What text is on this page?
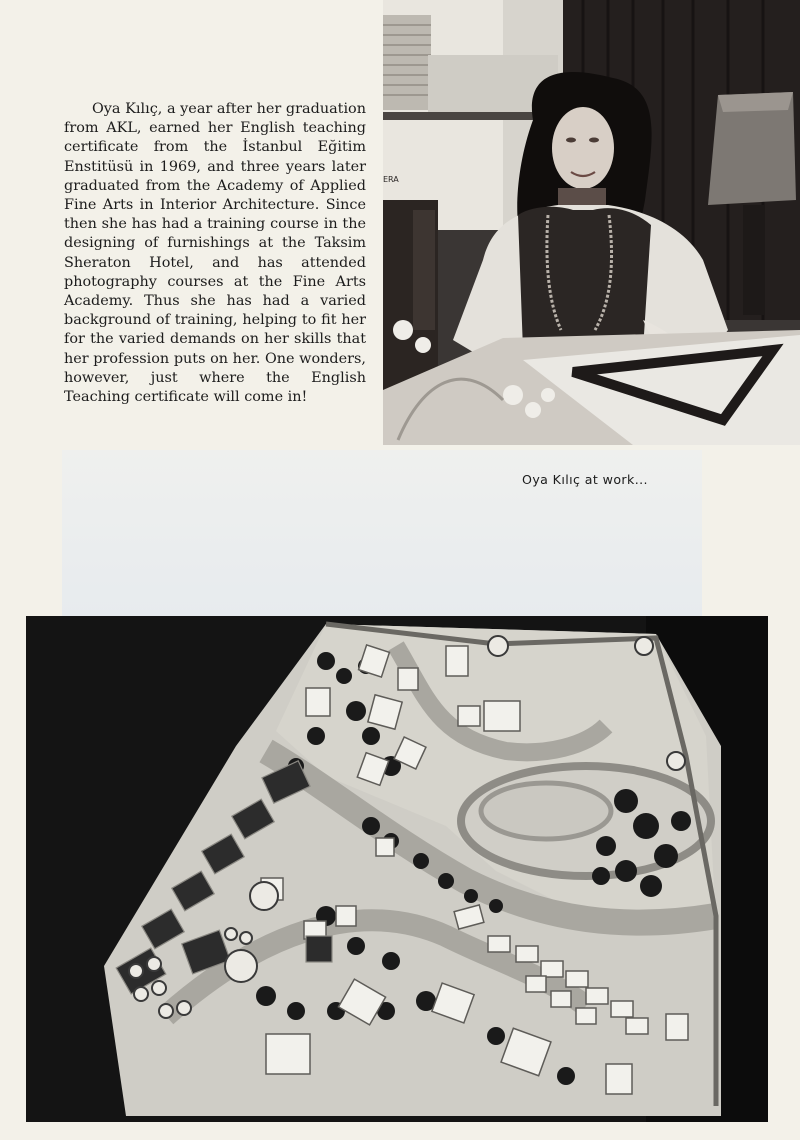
Oya Kılıç, a year after her graduation from AKL, earned her English teaching certificate from the İstanbul Eğitim Enstitüsü in 1969, and three years later graduated from the Academy of Applied Fine Arts in Interior Architecture. Since then she has had a training course in the designing of furnishings at the Taksim Sheraton Hotel, and has attended photography courses at the Fine Arts Academy. Thus she has had a varied background of training, helping to fit her for the varied demands on her skills that her profession puts on her. One wonders, however, just where the English Teaching certificate will come in!

ERA

Oya Kılıç at work...
